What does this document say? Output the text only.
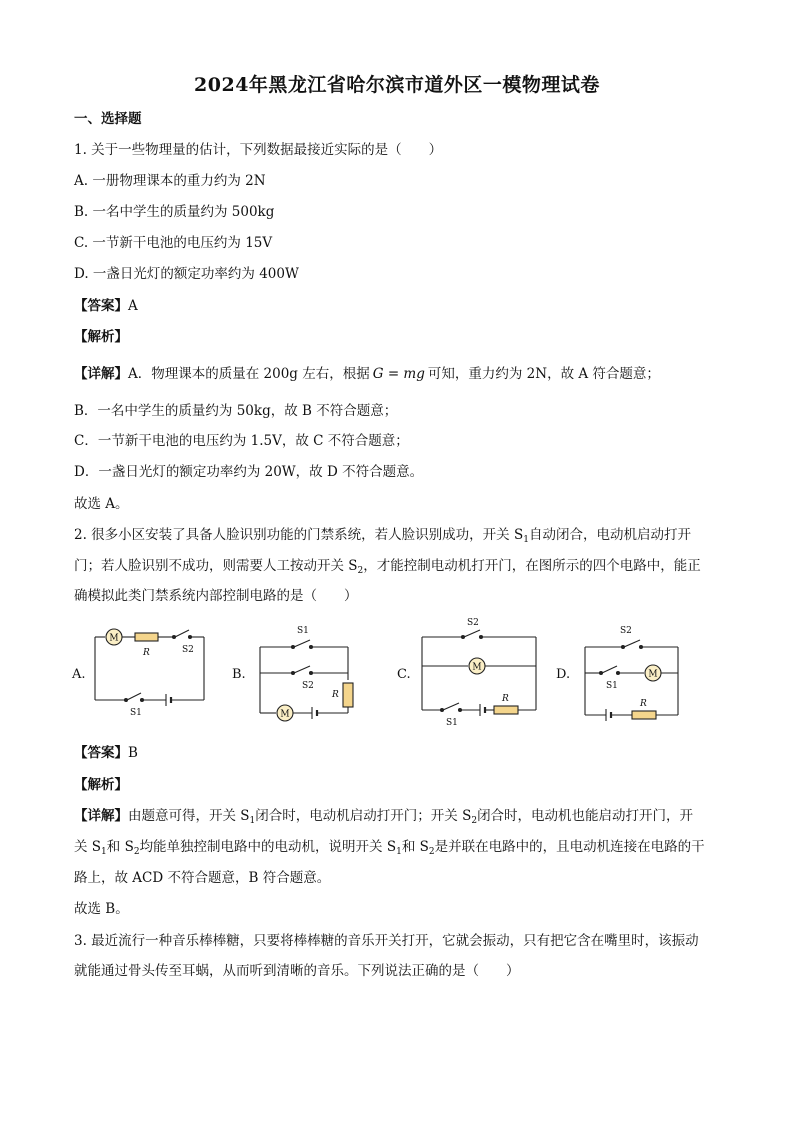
2024年黑龙江省哈尔滨市道外区一模物理试卷
一、选择题
1. 关于一些物理量的估计，下列数据最接近实际的是（　　）
A. 一册物理课本的重力约为 2N
B. 一名中学生的质量约为 500kg
C. 一节新干电池的电压约为 15V
D. 一盏日光灯的额定功率约为 400W
【答案】A
【解析】
【详解】A．物理课本的质量在 200g 左右，根据 G = mg 可知，重力约为 2N，故 A 符合题意；
B．一名中学生的质量约为 50kg，故 B 不符合题意；
C．一节新干电池的电压约为 1.5V，故 C 不符合题意；
D．一盏日光灯的额定功率约为 20W，故 D 不符合题意。
故选 A。
2. 很多小区安装了具备人脸识别功能的门禁系统，若人脸识别成功，开关 $S_1$自动闭合，电动机启动打开
门；若人脸识别不成功，则需要人工按动开关 $S_2$，才能控制电动机打开门，在图所示的四个电路中，能正
确模拟此类门禁系统内部控制电路的是（　　）
A.	B.	C.	D.
M
R	S2
S1
S1
S2
R
M
S2
M
S1
R
S2
S1
M
R
【答案】B
【解析】
【详解】由题意可得，开关 $S_1$闭合时，电动机启动打开门；开关 $S_2$闭合时，电动机也能启动打开门，开
关 $S_1$和 $S_2$均能单独控制电路中的电动机，说明开关 $S_1$和 $S_2$是并联在电路中的，且电动机连接在电路的干
路上，故 ACD 不符合题意，B 符合题意。
故选 B。
3. 最近流行一种音乐棒棒糖，只要将棒棒糖的音乐开关打开，它就会振动，只有把它含在嘴里时，该振动
就能通过骨头传至耳蜗，从而听到清晰的音乐。下列说法正确的是（　　）
